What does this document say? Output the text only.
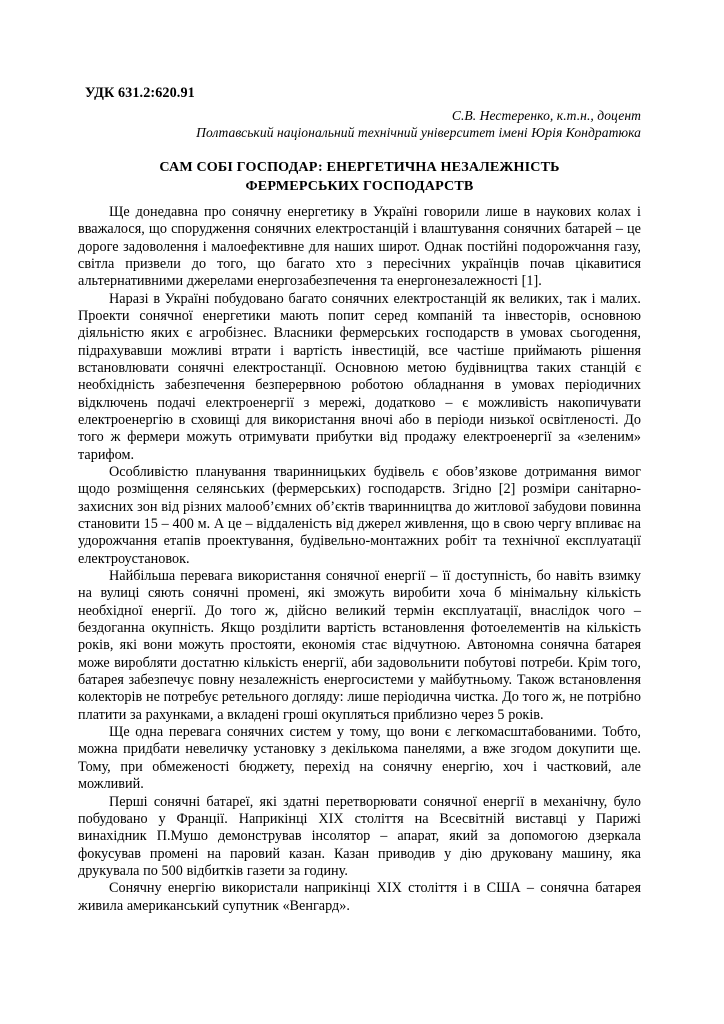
УДК 631.2:620.91
С.В. Нестеренко, к.т.н., доцент
Полтавський національний технічний університет імені Юрія Кондратюка
САМ СОБІ ГОСПОДАР: ЕНЕРГЕТИЧНА НЕЗАЛЕЖНІСТЬ
ФЕРМЕРСЬКИХ ГОСПОДАРСТВ

Ще донедавна про сонячну енергетику в Україні говорили лише в наукових колах і вважалося, що спорудження сонячних електростанцій і влаштування сонячних батарей – це дороге задоволення і малоефективне для наших широт. Однак постійні подорожчання газу, світла призвели до того, що багато хто з пересічних українців почав цікавитися альтернативними джерелами енергозабезпечення та енергонезалежності [1].

Наразі в Україні побудовано багато сонячних електростанцій як великих, так і малих. Проекти сонячної енергетики мають попит серед компаній та інвесторів, основною діяльністю яких є агробізнес. Власники фермерських господарств в умовах сьогодення, підрахувавши можливі втрати і вартість інвестицій, все частіше приймають рішення встановлювати сонячні електростанції. Основною метою будівництва таких станцій є необхідність забезпечення безперервною роботою обладнання в умовах періодичних відключень подачі електроенергії з мережі, додатково – є можливість накопичувати електроенергію в сховищі для використання вночі або в періоди низької освітленості. До того ж фермери можуть отримувати прибутки від продажу електроенергії за «зеленим» тарифом.

Особливістю планування тваринницьких будівель є обов’язкове дотримання вимог щодо розміщення селянських (фермерських) господарств. Згідно [2] розміри санітарно-захисних зон від різних малооб’ємних об’єктів тваринництва до житлової забудови повинна становити 15 – 400 м. А це – віддаленість від джерел живлення, що в свою чергу впливає на удорожчання етапів проектування, будівельно-монтажних робіт та технічної експлуатації електроустановок.

Найбільша перевага використання сонячної енергії – її доступність, бо навіть взимку на вулиці сяють сонячні промені, які зможуть виробити хоча б мінімальну кількість необхідної енергії. До того ж, дійсно великий термін експлуатації, внаслідок чого – бездоганна окупність. Якщо розділити вартість встановлення фотоелементів на кількість років, які вони можуть простояти, економія стає відчутною. Автономна сонячна батарея може виробляти достатню кількість енергії, аби задовольнити побутові потреби. Крім того, батарея забезпечує повну незалежність енергосистеми у майбутньому. Також встановлення колекторів не потребує ретельного догляду: лише періодична чистка. До того ж, не потрібно платити за рахунками, а вкладені гроші окупляться приблизно через 5 років.

Ще одна перевага сонячних систем у тому, що вони є легкомасштабованими. Тобто, можна придбати невеличку установку з декількома панелями, а вже згодом докупити ще. Тому, при обмеженості бюджету, перехід на сонячну енергію, хоч і частковий, але можливий.

Перші сонячні батареї, які здатні перетворювати сонячної енергії в механічну, було побудовано у Франції. Наприкінці XIX століття на Всесвітній виставці у Парижі винахідник П.Мушо демонстрував інсолятор – апарат, який за допомогою дзеркала фокусував промені на паровий казан. Казан приводив у дію друковану машину, яка друкувала по 500 відбитків газети за годину.

Сонячну енергію використали наприкінці XIX століття і в США – сонячна батарея живила американський супутник «Венгард».
